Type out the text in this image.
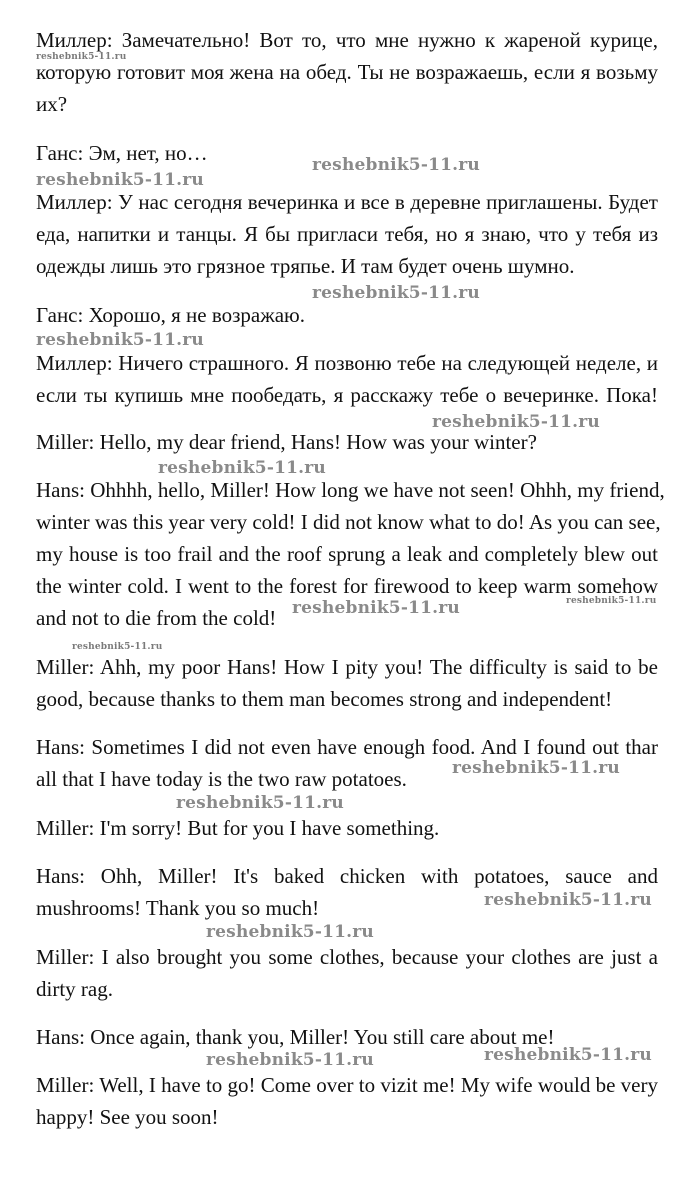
Миллер: Замечательно! Вот то, что мне нужно к жареной курице,
которую готовит моя жена на обед. Ты не возражаешь, если я возьму
их?
Ганс: Эм, нет, но…
Миллер: У нас сегодня вечеринка и все в деревне приглашены. Будет
еда, напитки и танцы. Я бы пригласи тебя, но я знаю, что у тебя из
одежды лишь это грязное тряпье. И там будет очень шумно.
Ганс: Хорошо, я не возражаю.
Миллер: Ничего страшного. Я позвоню тебе на следующей неделе, и
если ты купишь мне пообедать, я расскажу тебе о вечеринке. Пока!
Miller: Hello, my dear friend, Hans! How was your winter?
Hans: Ohhhh, hello, Miller! How long we have not seen! Ohhh, my friend,
winter was this year very cold! I did not know what to do! As you can see,
my house is too frail and the roof sprung a leak and completely blew out
the winter cold. I went to the forest for firewood to keep warm somehow
and not to die from the cold!
Miller: Ahh, my poor Hans! How I pity you! The difficulty is said to be
good, because thanks to them man becomes strong and independent!
Hans: Sometimes I did not even have enough food. And I found out thar
all that I have today is the two raw potatoes.
Miller: I'm sorry! But for you I have something.
Hans: Ohh, Miller! It's baked chicken with potatoes, sauce and
mushrooms! Thank you so much!
Miller: I also brought you some clothes, because your clothes are just a
dirty rag.
Hans: Once again, thank you, Miller! You still care about me!
Miller: Well, I have to go! Come over to vizit me! My wife would be very
happy! See you soon!
reshebnik5-11.ru
reshebnik5-11.ru
reshebnik5-11.ru
reshebnik5-11.ru
reshebnik5-11.ru
reshebnik5-11.ru
reshebnik5-11.ru
reshebnik5-11.ru	reshebnik5-11.ru
reshebnik5-11.ru
reshebnik5-11.ru
reshebnik5-11.ru
reshebnik5-11.ru
reshebnik5-11.ru
reshebnik5-11.ru	reshebnik5-11.ru
